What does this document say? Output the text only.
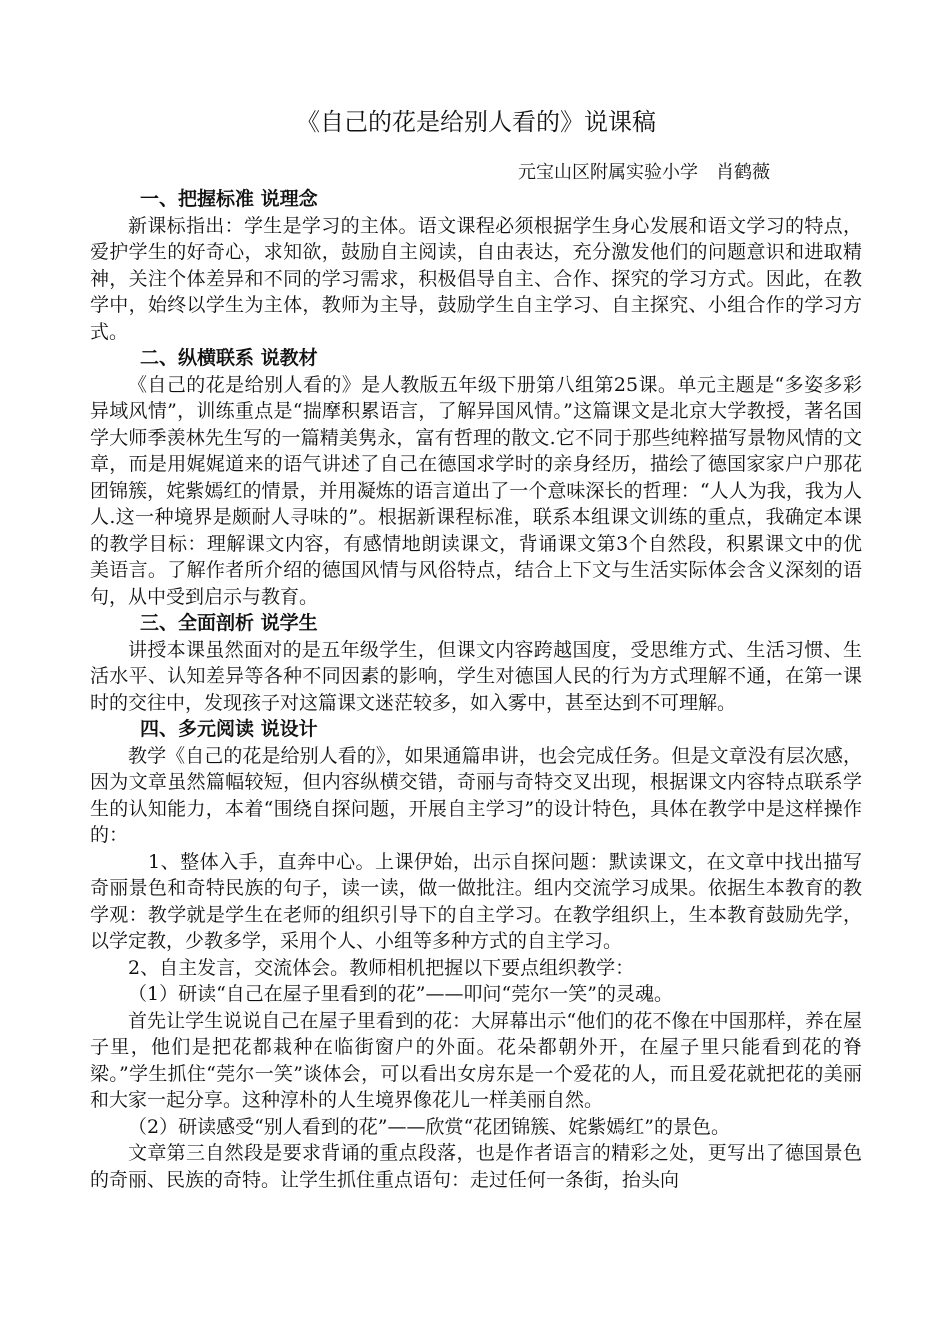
《自己的花是给别人看的》说课稿
元宝山区附属实验小学　肖鹤薇

一、把握标准 说理念

新课标指出：学生是学习的主体。语文课程必须根据学生身心发展和语文学习的特点，爱护学生的好奇心，求知欲，鼓励自主阅读，自由表达，充分激发他们的问题意识和进取精神，关注个体差异和不同的学习需求，积极倡导自主、合作、探究的学习方式。因此，在教学中，始终以学生为主体，教师为主导，鼓励学生自主学习、自主探究、小组合作的学习方式。

二、纵横联系 说教材

《自己的花是给别人看的》是人教版五年级下册第八组第25课。单元主题是“多姿多彩异域风情”，训练重点是“揣摩积累语言，了解异国风情。”这篇课文是北京大学教授，著名国学大师季羡林先生写的一篇精美隽永，富有哲理的散文.它不同于那些纯粹描写景物风情的文章，而是用娓娓道来的语气讲述了自己在德国求学时的亲身经历，描绘了德国家家户户那花团锦簇，姹紫嫣红的情景，并用凝炼的语言道出了一个意味深长的哲理：“人人为我，我为人人.这一种境界是颇耐人寻味的”。根据新课程标准，联系本组课文训练的重点，我确定本课的教学目标：理解课文内容，有感情地朗读课文，背诵课文第3个自然段，积累课文中的优美语言。了解作者所介绍的德国风情与风俗特点，结合上下文与生活实际体会含义深刻的语句，从中受到启示与教育。

三、全面剖析 说学生

讲授本课虽然面对的是五年级学生，但课文内容跨越国度，受思维方式、生活习惯、生活水平、认知差异等各种不同因素的影响，学生对德国人民的行为方式理解不通，在第一课时的交往中，发现孩子对这篇课文迷茫较多，如入雾中，甚至达到不可理解。

四、多元阅读 说设计

教学《自己的花是给别人看的》，如果通篇串讲，也会完成任务。但是文章没有层次感，因为文章虽然篇幅较短，但内容纵横交错，奇丽与奇特交叉出现，根据课文内容特点联系学生的认知能力，本着“围绕自探问题，开展自主学习”的设计特色，具体在教学中是这样操作的：

1、整体入手，直奔中心。上课伊始，出示自探问题：默读课文，在文章中找出描写奇丽景色和奇特民族的句子，读一读，做一做批注。组内交流学习成果。依据生本教育的教学观：教学就是学生在老师的组织引导下的自主学习。在教学组织上，生本教育鼓励先学，以学定教，少教多学，采用个人、小组等多种方式的自主学习。

2、自主发言，交流体会。教师相机把握以下要点组织教学：

（1）研读“自己在屋子里看到的花”——叩问“莞尔一笑”的灵魂。

首先让学生说说自己在屋子里看到的花：大屏幕出示“他们的花不像在中国那样，养在屋子里，他们是把花都栽种在临街窗户的外面。花朵都朝外开，在屋子里只能看到花的脊梁。”学生抓住“莞尔一笑”谈体会，可以看出女房东是一个爱花的人，而且爱花就把花的美丽和大家一起分享。这种淳朴的人生境界像花儿一样美丽自然。

（2）研读感受“别人看到的花”——欣赏“花团锦簇、姹紫嫣红”的景色。

文章第三自然段是要求背诵的重点段落，也是作者语言的精彩之处，更写出了德国景色的奇丽、民族的奇特。让学生抓住重点语句：走过任何一条街，抬头向
